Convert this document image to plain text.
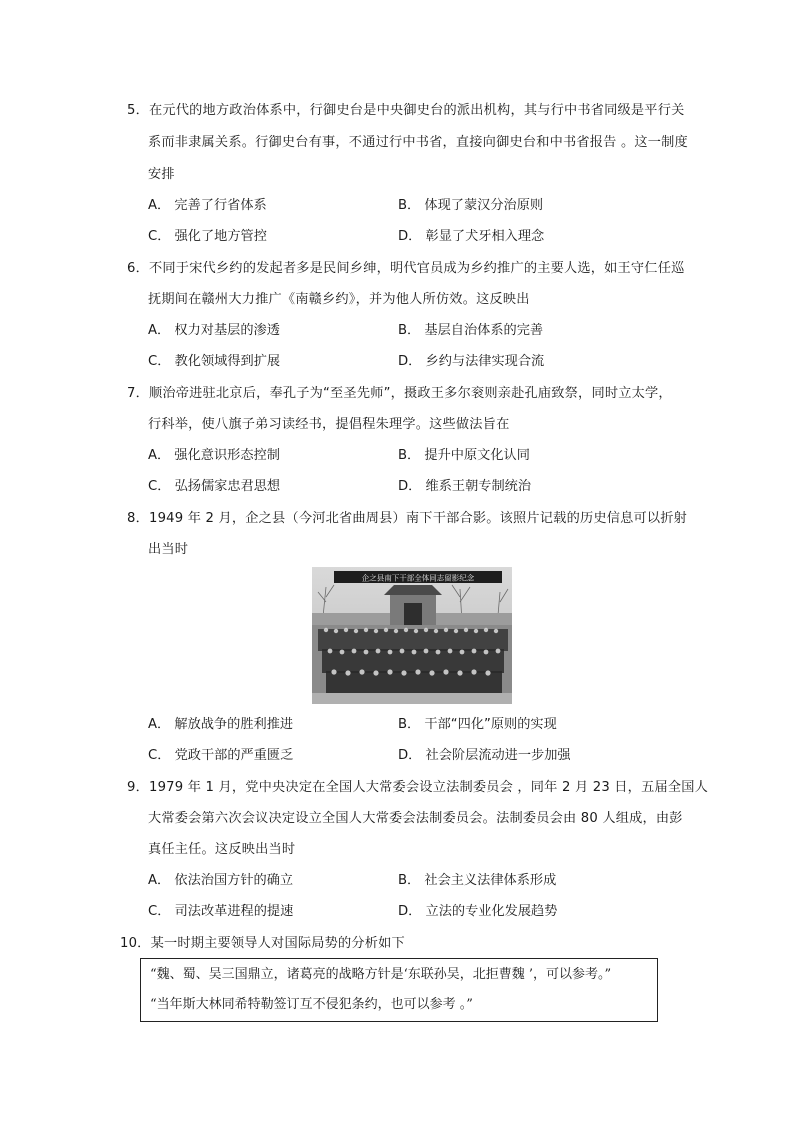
5．在元代的地方政治体系中，行御史台是中央御史台的派出机构，其与行中书省同级是平行关
系而非隶属关系。行御史台有事，不通过行中书省，直接向御史台和中书省报告 。这一制度
安排
A． 完善了行省体系	B． 体现了蒙汉分治原则
C． 强化了地方管控	D． 彰显了犬牙相入理念
6．不同于宋代乡约的发起者多是民间乡绅，明代官员成为乡约推广的主要人选，如王守仁任巡
抚期间在赣州大力推广《南赣乡约》，并为他人所仿效。这反映出
A． 权力对基层的渗透	B． 基层自治体系的完善
C． 教化领域得到扩展	D． 乡约与法律实现合流
7．顺治帝进驻北京后，奉孔子为“至圣先师”，摄政王多尔衮则亲赴孔庙致祭，同时立太学，
行科举，使八旗子弟习读经书，提倡程朱理学。这些做法旨在
A． 强化意识形态控制	B． 提升中原文化认同
C． 弘扬儒家忠君思想	D． 维系王朝专制统治
8．1949 年 2 月，企之县（今河北省曲周县）南下干部合影。该照片记载的历史信息可以折射
出当时
企之县南下干部全体同志留影纪念
A． 解放战争的胜利推进	B． 干部“四化”原则的实现
C． 党政干部的严重匮乏	D． 社会阶层流动进一步加强
9．1979 年 1 月，党中央决定在全国人大常委会设立法制委员会 ，同年 2 月 23 日，五届全国人
大常委会第六次会议决定设立全国人大常委会法制委员会。法制委员会由 80 人组成，由彭
真任主任。这反映出当时
A． 依法治国方针的确立	B． 社会主义法律体系形成
C． 司法改革进程的提速	D． 立法的专业化发展趋势
10．某一时期主要领导人对国际局势的分析如下
“魏、蜀、吴三国鼎立，诸葛亮的战略方针是‘东联孙吴，北拒曹魏 ’，可以参考。”
“当年斯大林同希特勒签订互不侵犯条约，也可以参考 。”
